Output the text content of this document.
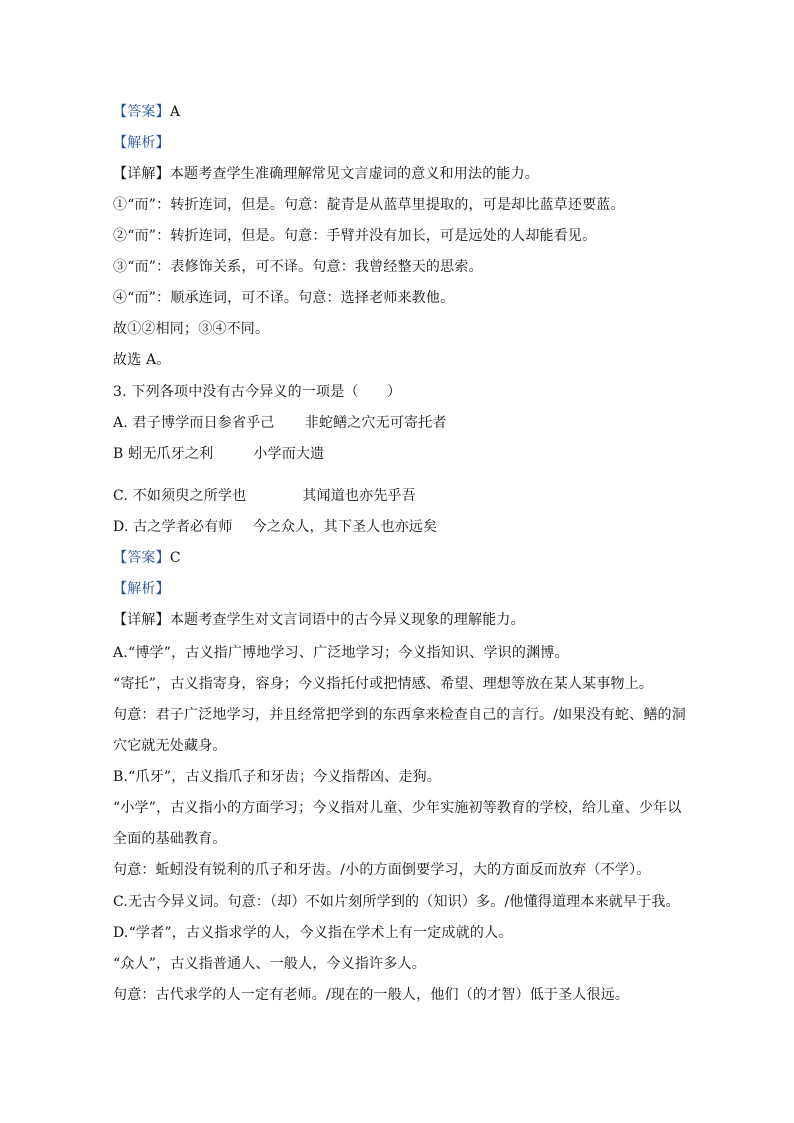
【答案】A
【解析】
【详解】本题考查学生准确理解常见文言虚词的意义和用法的能力。
①“而”：转折连词，但是。句意：靛青是从蓝草里提取的，可是却比蓝草还要蓝。
②“而”：转折连词，但是。句意：手臂并没有加长，可是远处的人却能看见。
③“而”：表修饰关系，可不译。句意：我曾经整天的思索。
④“而”：顺承连词，可不译。句意：选择老师来教他。
故①②相同；③④不同。
故选 A。
3. 下列各项中没有古今异义的一项是（　　）
A. 君子博学而日参省乎己 非蛇鳝之穴无可寄托者
B 蚓无爪牙之利	小学而大遗
C. 不如须臾之所学也	其闻道也亦先乎吾
D. 古之学者必有师 今之众人，其下圣人也亦远矣
【答案】C
【解析】
【详解】本题考查学生对文言词语中的古今异义现象的理解能力。
A.“博学”，古义指广博地学习、广泛地学习；今义指知识、学识的渊博。
“寄托”，古义指寄身，容身；今义指托付或把情感、希望、理想等放在某人某事物上。
句意：君子广泛地学习，并且经常把学到的东西拿来检查自己的言行。/如果没有蛇、鳝的洞
穴它就无处藏身。
B.“爪牙”，古义指爪子和牙齿；今义指帮凶、走狗。
“小学”，古义指小的方面学习；今义指对儿童、少年实施初等教育的学校，给儿童、少年以
全面的基础教育。
句意：蚯蚓没有锐利的爪子和牙齿。/小的方面倒要学习，大的方面反而放弃（不学）。
C.无古今异义词。句意：（却）不如片刻所学到的（知识）多。/他懂得道理本来就早于我。
D.“学者”，古义指求学的人，今义指在学术上有一定成就的人。
“众人”，古义指普通人、一般人，今义指许多人。
句意：古代求学的人一定有老师。/现在的一般人，他们（的才智）低于圣人很远。
